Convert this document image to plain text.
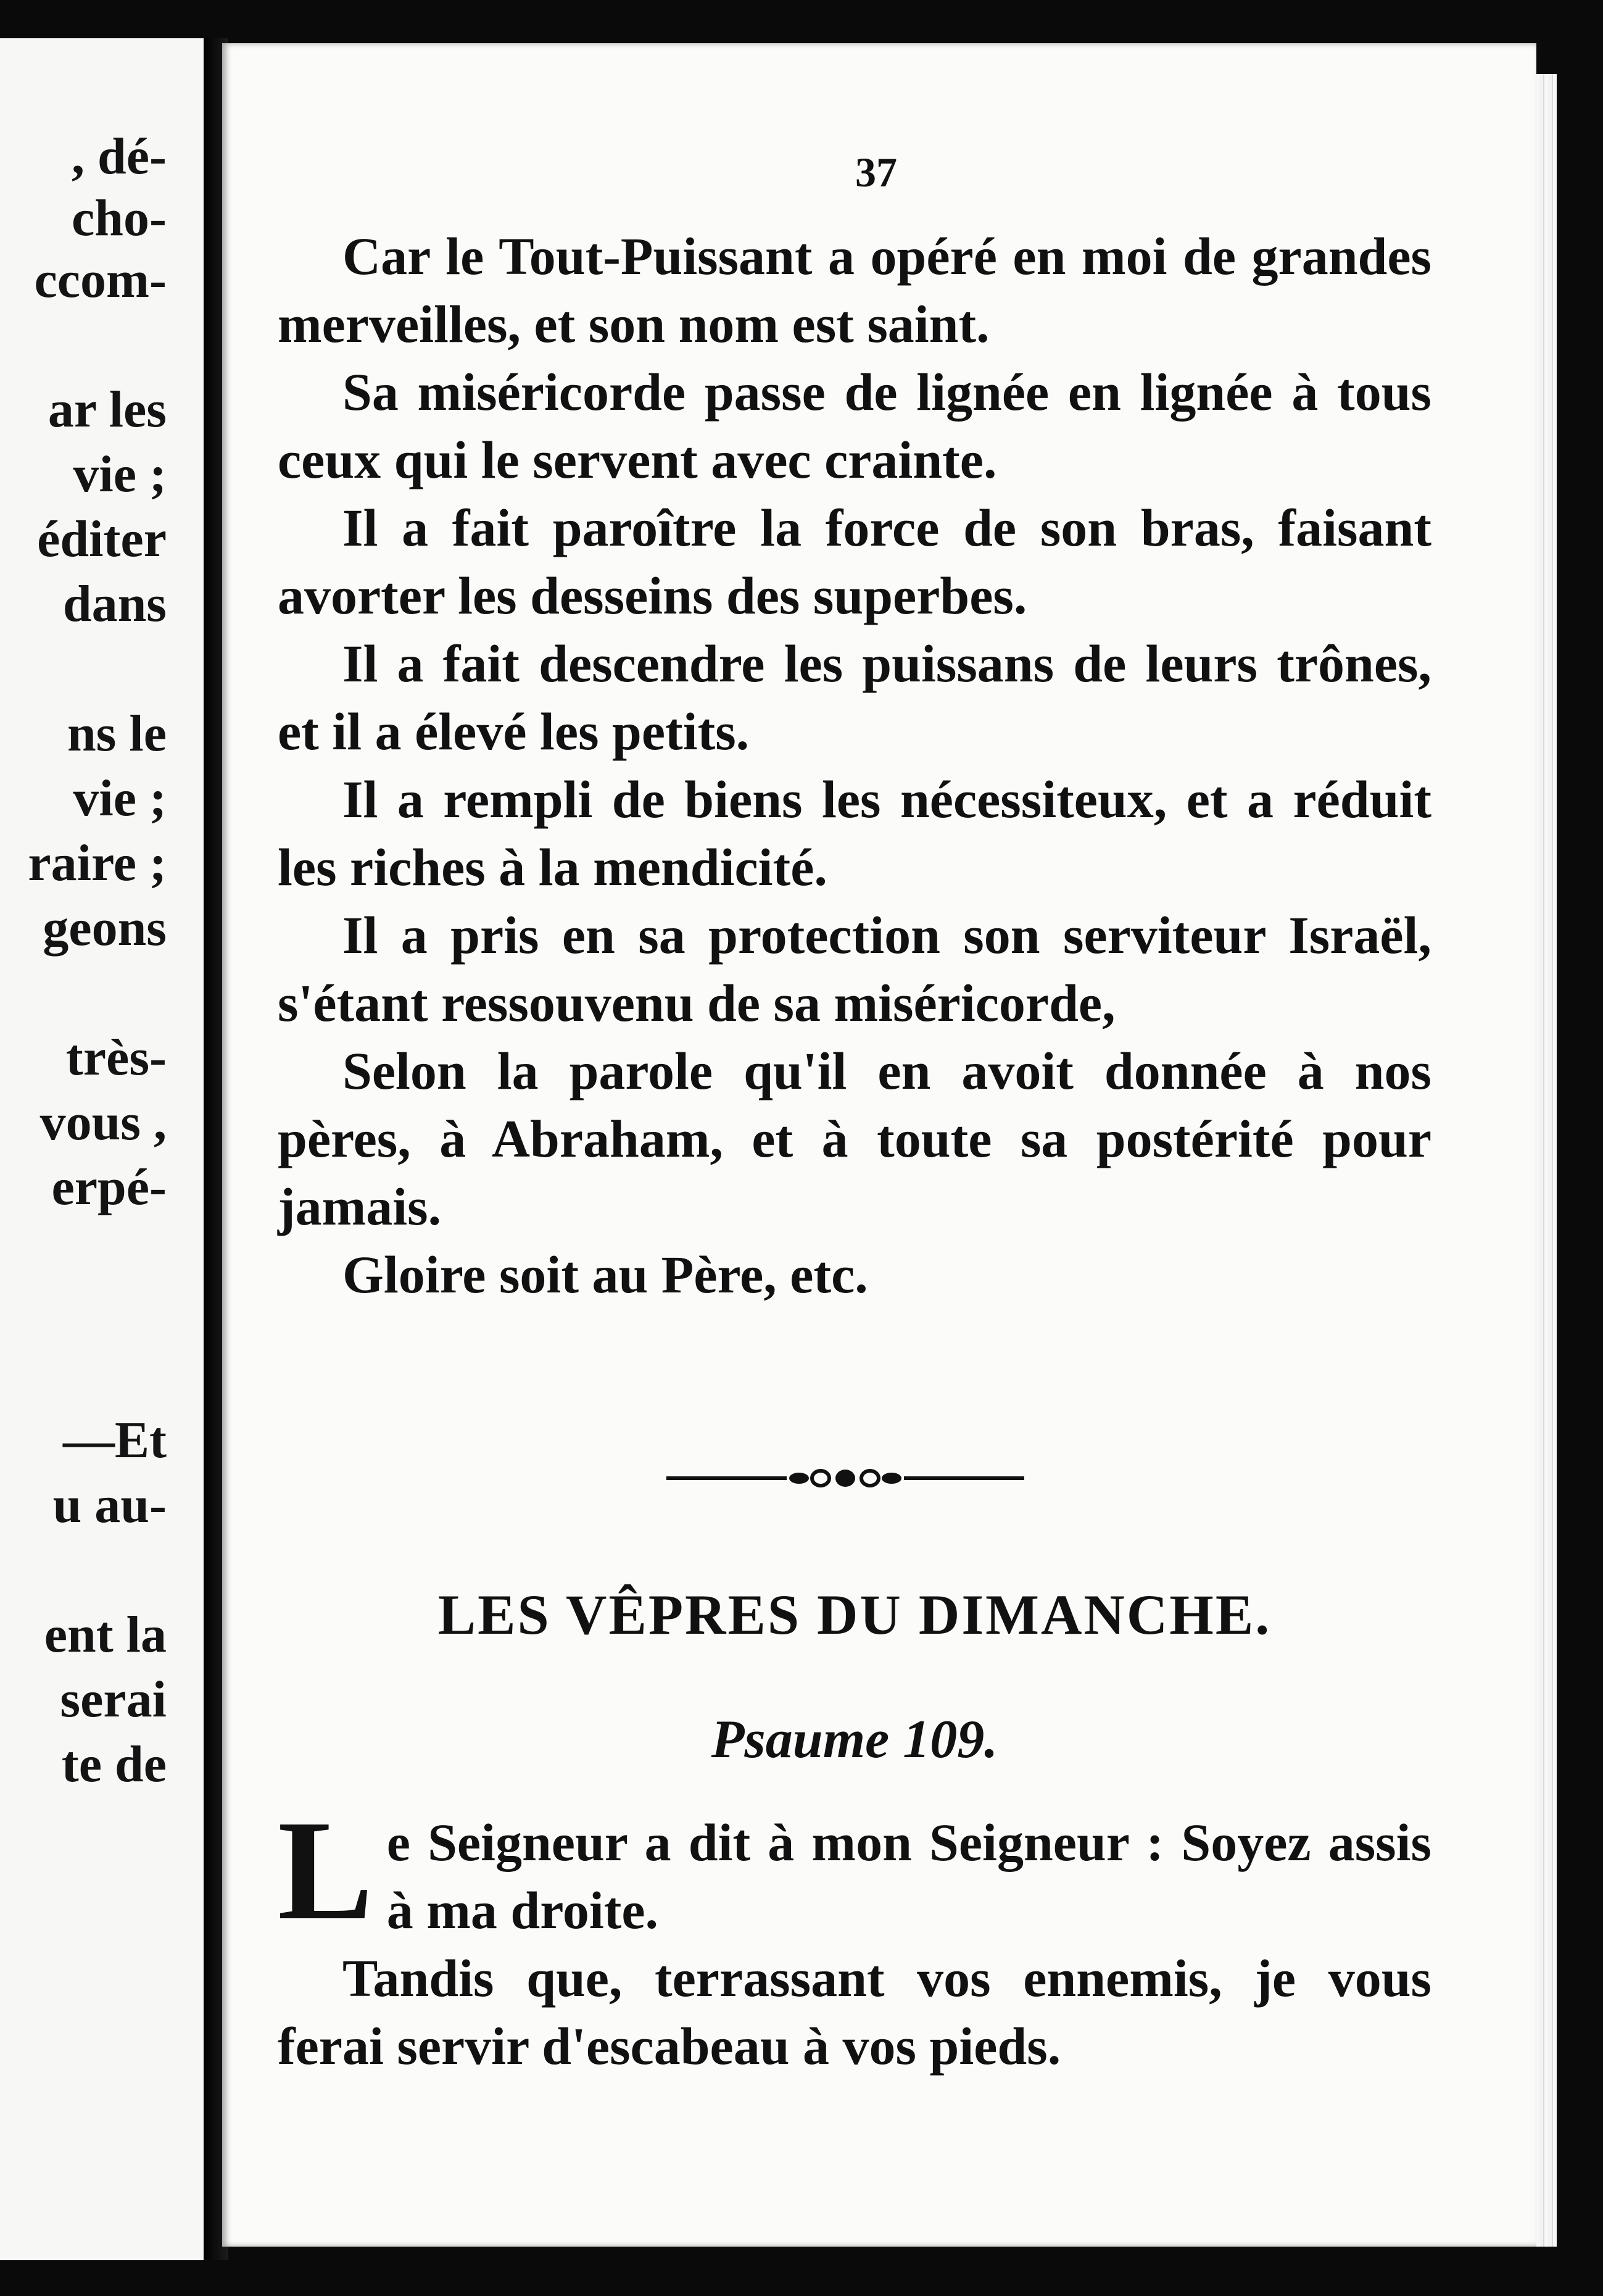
, dé-
cho-
ccom-
ar les
vie ;
éditer
dans
ns le
vie ;
raire ;
geons
très-
vous ,
erpé-
—Et
u au-
ent la
serai
te de
37

Car le Tout-Puissant a opéré en moi de grandes merveilles, et son nom est saint.

Sa miséricorde passe de lignée en lignée à tous ceux qui le servent avec crainte.

Il a fait paroître la force de son bras, faisant avorter les desseins des superbes.

Il a fait descendre les puissans de leurs trônes, et il a élevé les petits.

Il a rempli de biens les nécessiteux, et a réduit les riches à la mendicité.

Il a pris en sa protection son serviteur Israël, s'étant ressouvenu de sa miséricorde,

Selon la parole qu'il en avoit donnée à nos pères, à Abraham, et à toute sa postérité pour jamais.

Gloire soit au Père, etc.

LES VÊPRES DU DIMANCHE.
Psaume 109.
L e Seigneur a dit à mon Seigneur : Soyez assis à ma droite.

Tandis que, terrassant vos ennemis, je vous ferai servir d'escabeau à vos pieds.
